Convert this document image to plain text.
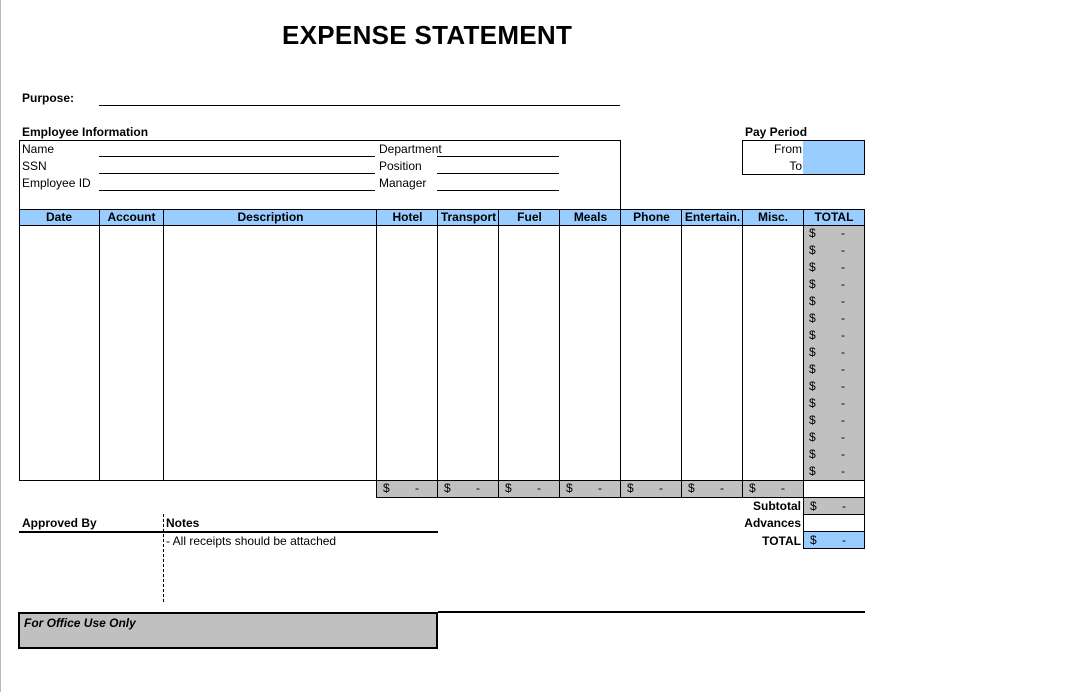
EXPENSE STATEMENT
Purpose:
Employee Information
Name
SSN
Employee ID
Department
Position
Manager
Pay Period
From
To
Date	Account	Description	Hotel	Transport	Fuel	Meals	Phone	Entertain.	Misc.	TOTAL
$ -
$ -
$ -
$ -
$ -
$ -
$ -
$ -
$ -
$ -
$ -
$ -
$ -
$ -
$ -
$ - $ - $ - $ - $ - $ - $ -
Subtotal $ -
Advances
TOTAL $ -
Approved By	Notes
- All receipts should be attached
For Office Use Only
